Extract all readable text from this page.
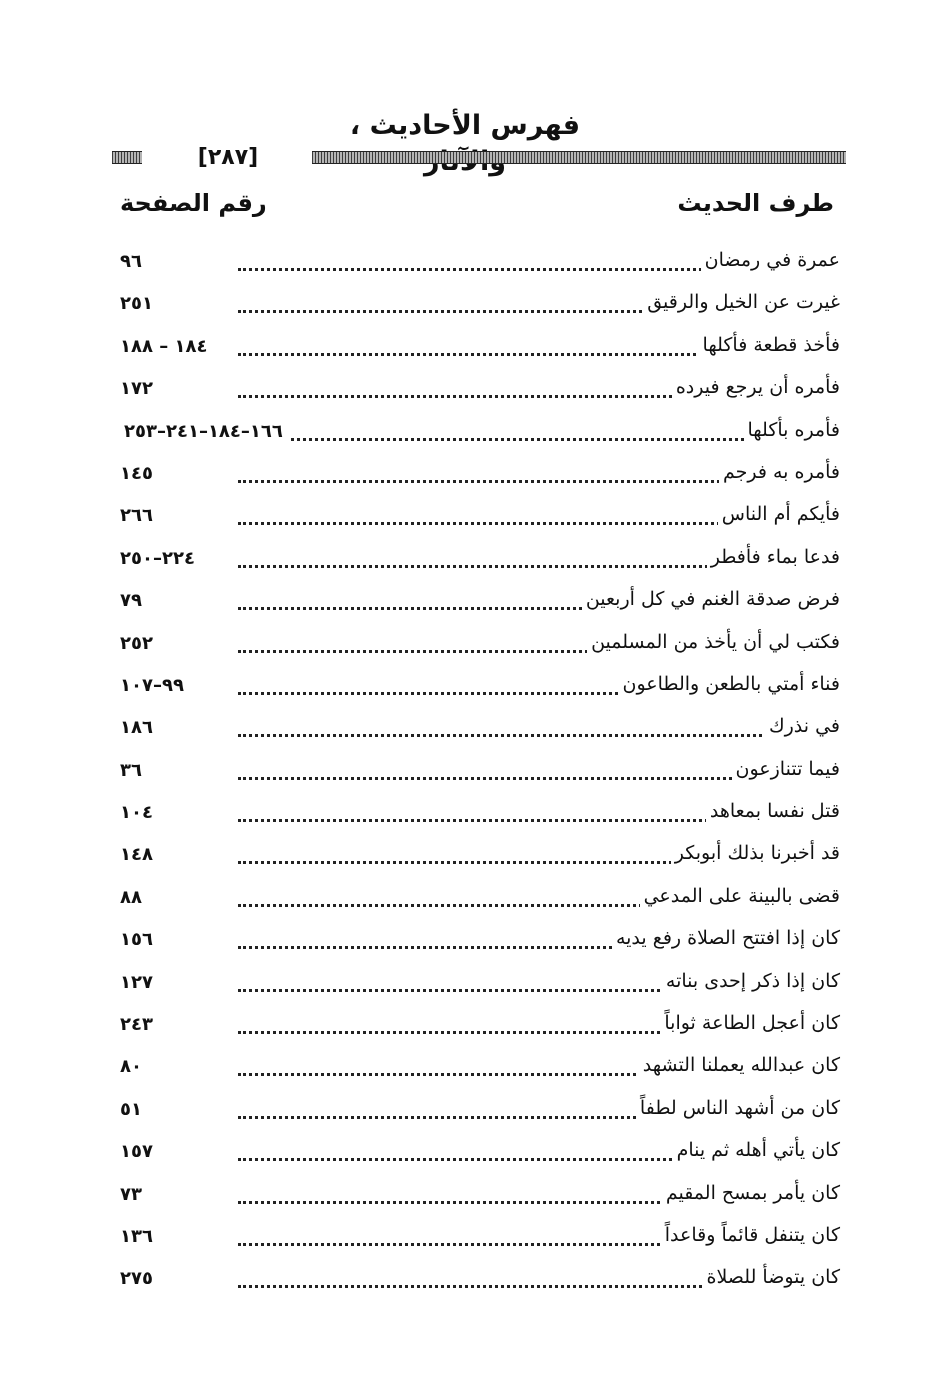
فهرس الأحاديث ،
[ ٢٨٧ ]
طرف الحديث
رقم الصفحة
عمرة في رمضان
٩٦
غيرت عن الخيل والرقيق
٢٥١
فأخذ قطعة فأكلها
١٨٤ – ١٨٨
فأمره أن يرجع فيرده
١٧٢
فأمره بأكلها
١٦٦–١٨٤–٢٤١–٢٥٣
فأمره به فرجم
١٤٥
فأيكم أم الناس
٢٦٦
فدعا بماء فأفطر
٢٢٤–٢٥٠
فرض صدقة الغنم في كل أربعين
٧٩
فكتب لي أن يأخذ من المسلمين
٢٥٢
فناء أمتي بالطعن والطاعون
٩٩–١٠٧
في نذرك
١٨٦
فيما تتنازعون
٣٦
قتل نفسا بمعاهد
١٠٤
قد أخبرنا بذلك أبوبكر
١٤٨
قضى بالبينة على المدعي
٨٨
كان إذا افتتح الصلاة رفع يديه
١٥٦
كان إذا ذكر إحدى بناته
١٢٧
كان أعجل الطاعة ثواباً
٢٤٣
كان عبدالله يعملنا التشهد
٨٠
كان من أشهد الناس لطفاً
٥١
كان يأتي أهله ثم ينام
١٥٧
كان يأمر بمسح المقيم
٧٣
كان يتنفل قائماً وقاعداً
١٣٦
كان يتوضأ للصلاة
٢٧٥
